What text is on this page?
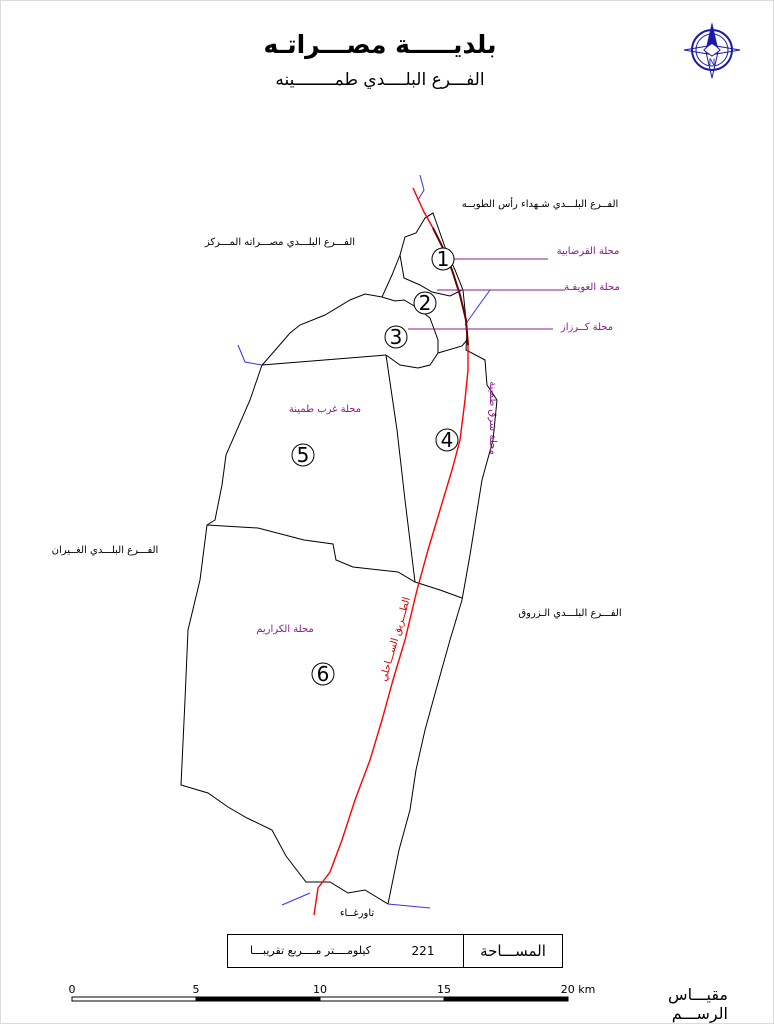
بلديـــــة مصـــراتـه
الفـــرع البلــــدي طمــــــــينه
N
1
2
3
4
5
6
محلة القرضابية
محلة الغويفـة
محلة كــرزاز
محلة شرق طمينة
محلة غرب طمينة
محلة الكراريم	الطـــريق الســـاحلي
الفــرع البلـــدي شـهداء رأس الطوبــه
الفـــرع البلـــدي مصـــراته المـــركز
الفـــرع البلـــدي الغــيران
الفـــرع البلـــدي الـزروق
تاورغــاء
0	5	10	15	20 km
كيلومــــتر مــــربع تقريبـــا	221	المســـاحة
مقيـــاس الرســـم
